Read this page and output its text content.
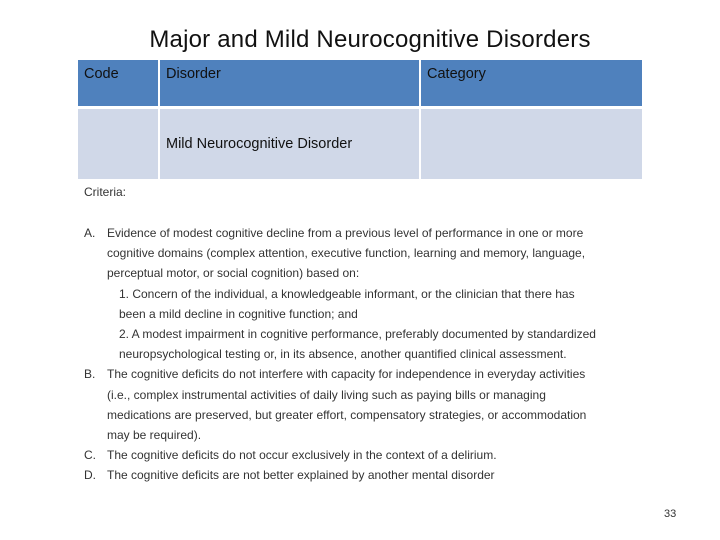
Major and Mild Neurocognitive Disorders
Code	Disorder	Category
Mild Neurocognitive Disorder
Criteria:
A. Evidence of modest cognitive decline from a previous level of performance in one or more cognitive domains (complex attention, executive function, learning and memory, language, perceptual motor, or social cognition) based on:

1. Concern of the individual, a knowledgeable informant, or the clinician that there has been a mild decline in cognitive function; and

2. A modest impairment in cognitive performance, preferably documented by standardized neuropsychological testing or, in its absence, another quantified clinical assessment.

B. The cognitive deficits do not interfere with capacity for independence in everyday activities (i.e., complex instrumental activities of daily living such as paying bills or managing medications are preserved, but greater effort, compensatory strategies, or accommodation may be required).

C. The cognitive deficits do not occur exclusively in the context of a delirium.

D. The cognitive deficits are not better explained by another mental disorder

33
